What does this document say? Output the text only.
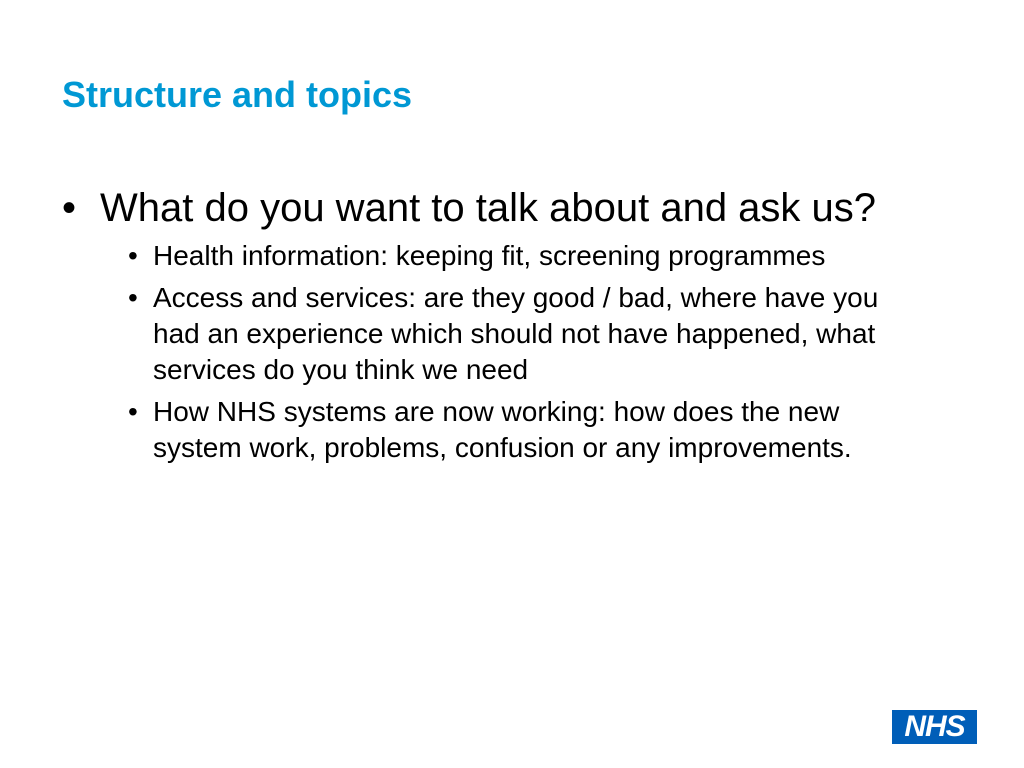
Structure and topics
• What do you want to talk about and ask us?
• Health information: keeping fit, screening programmes
• Access and services: are they good / bad, where have you had an experience which should not have happened, what services do you think we need
• How NHS systems are now working: how does the new system work, problems, confusion or any improvements.
NHS
